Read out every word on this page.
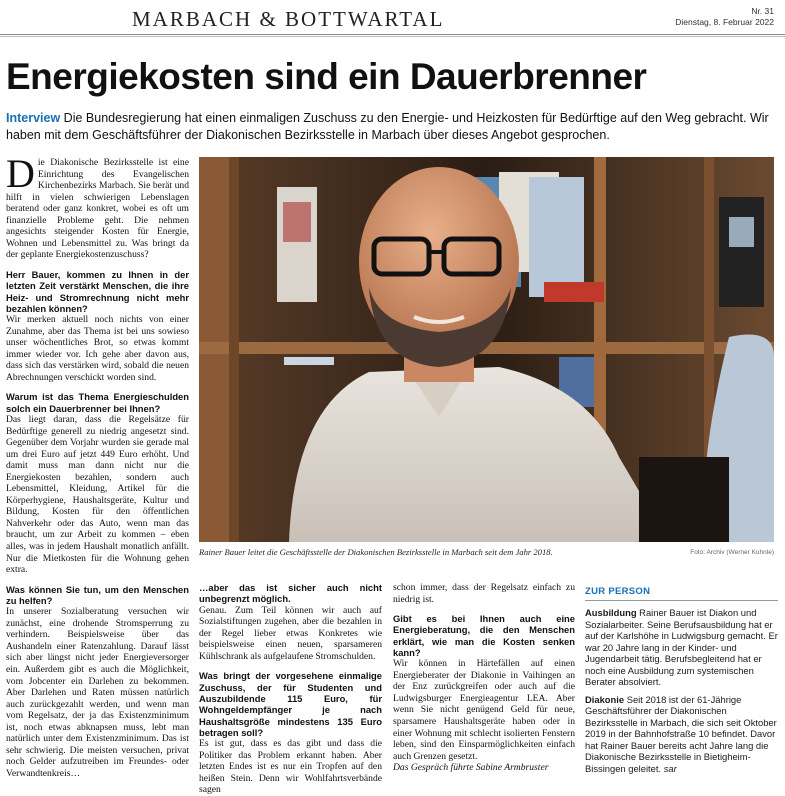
MARBACH & BOTTWARTAL	Nr. 31
Dienstag, 8. Februar 2022
Energiekosten sind ein Dauerbrenner
Interview Die Bundesregierung hat einen einmaligen Zuschuss zu den Energie- und Heizkosten für Bedürftige auf den Weg gebracht. Wir haben mit dem Geschäftsführer der Diakonischen Bezirksstelle in Marbach über dieses Angebot gesprochen.

Die Diakonische Bezirksstelle ist eine Einrichtung des Evangelischen Kirchenbezirks Marbach. Sie berät und hilft in vielen schwierigen Lebenslagen beratend oder ganz konkret, wobei es oft um finanzielle Probleme geht. Die nehmen angesichts steigender Kosten für Energie, Wohnen und Lebensmittel zu. Was bringt da der geplante Energiekostenzuschuss?

Herr Bauer, kommen zu Ihnen in der letzten Zeit verstärkt Menschen, die ihre Heiz- und Stromrechnung nicht mehr bezahlen können?

Wir merken aktuell noch nichts von einer Zunahme, aber das Thema ist bei uns sowieso unser wöchentliches Brot, so etwas kommt immer wieder vor. Ich gehe aber davon aus, dass sich das verstärken wird, sobald die neuen Abrechnungen verschickt worden sind.

Warum ist das Thema Energieschulden solch ein Dauerbrenner bei Ihnen?

Das liegt daran, dass die Regelsätze für Bedürftige generell zu niedrig angesetzt sind. Gegenüber dem Vorjahr wurden sie gerade mal um drei Euro auf jetzt 449 Euro erhöht. Und damit muss man dann nicht nur die Energiekosten bezahlen, sondern auch Lebensmittel, Kleidung, Artikel für die Körperhygiene, Haushaltsgeräte, Kultur und Bildung, Kosten für den öffentlichen Nahverkehr oder das Auto, wenn man das braucht, um zur Arbeit zu kommen – eben alles, was in jedem Haushalt monatlich anfällt. Nur die Mietkosten für die Wohnung gehen extra.

Was können Sie tun, um den Menschen zu helfen?

In unserer Sozialberatung versuchen wir zunächst, eine drohende Stromsperrung zu verhindern. Beispielsweise über das Aushandeln einer Ratenzahlung. Darauf lässt sich aber längst nicht jeder Energieversorger ein. Außerdem gibt es auch die Möglichkeit, vom Jobcenter ein Darlehen zu bekommen. Aber Darlehen und Raten müssen natürlich auch zurückgezahlt werden, und wenn man vom Regelsatz, der ja das Existenzminimum ist, noch etwas abknapsen muss, lebt man natürlich unter dem Existenzminimum. Das ist sehr schwierig. Die meisten versuchen, privat noch Gelder aufzutreiben im Freundes- oder Verwandtenkreis…

Rainer Bauer leitet die Geschäftsstelle der Diakonischen Bezirksstelle in Marbach seit dem Jahr 2018.	Foto: Archiv (Werner Kuhnle)

…aber das ist sicher auch nicht unbegrenzt möglich.

Genau. Zum Teil können wir auch auf Sozialstiftungen zugehen, aber die bezahlen in der Regel lieber etwas Konkretes wie beispielsweise einen neuen, sparsameren Kühlschrank als aufgelaufene Stromschulden.

Was bringt der vorgesehene einmalige Zuschuss, der für Studenten und Auszubildende 115 Euro, für Wohngeldempfänger je nach Haushaltsgröße mindestens 135 Euro betragen soll?

Es ist gut, dass es das gibt und dass die Politiker das Problem erkannt haben. Aber letzten Endes ist es nur ein Tropfen auf den heißen Stein. Denn wir Wohlfahrtsverbände sagen

schon immer, dass der Regelsatz einfach zu niedrig ist.

Gibt es bei Ihnen auch eine Energieberatung, die den Menschen erklärt, wie man die Kosten senken kann?

Wir können in Härtefällen auf einen Energieberater der Diakonie in Vaihingen an der Enz zurückgreifen oder auch auf die Ludwigsburger Energieagentur LEA. Aber wenn Sie nicht genügend Geld für neue, sparsamere Haushaltsgeräte haben oder in einer Wohnung mit schlecht isolierten Fenstern leben, sind den Einsparmöglichkeiten einfach auch Grenzen gesetzt.

Das Gespräch führte Sabine Armbruster

ZUR PERSON

Ausbildung Rainer Bauer ist Diakon und Sozialarbeiter. Seine Berufsausbildung hat er auf der Karlshöhe in Ludwigsburg gemacht. Er war 20 Jahre lang in der Kinder- und Jugendarbeit tätig. Berufsbegleitend hat er noch eine Ausbildung zum systemischen Berater absolviert.

Diakonie Seit 2018 ist der 61-Jährige Geschäftsführer der Diakonischen Bezirksstelle in Marbach, die sich seit Oktober 2019 in der Bahnhofstraße 10 befindet. Davor hat Rainer Bauer bereits acht Jahre lang die Diakonische Bezirksstelle in Bietigheim-Bissingen geleitet. sar
